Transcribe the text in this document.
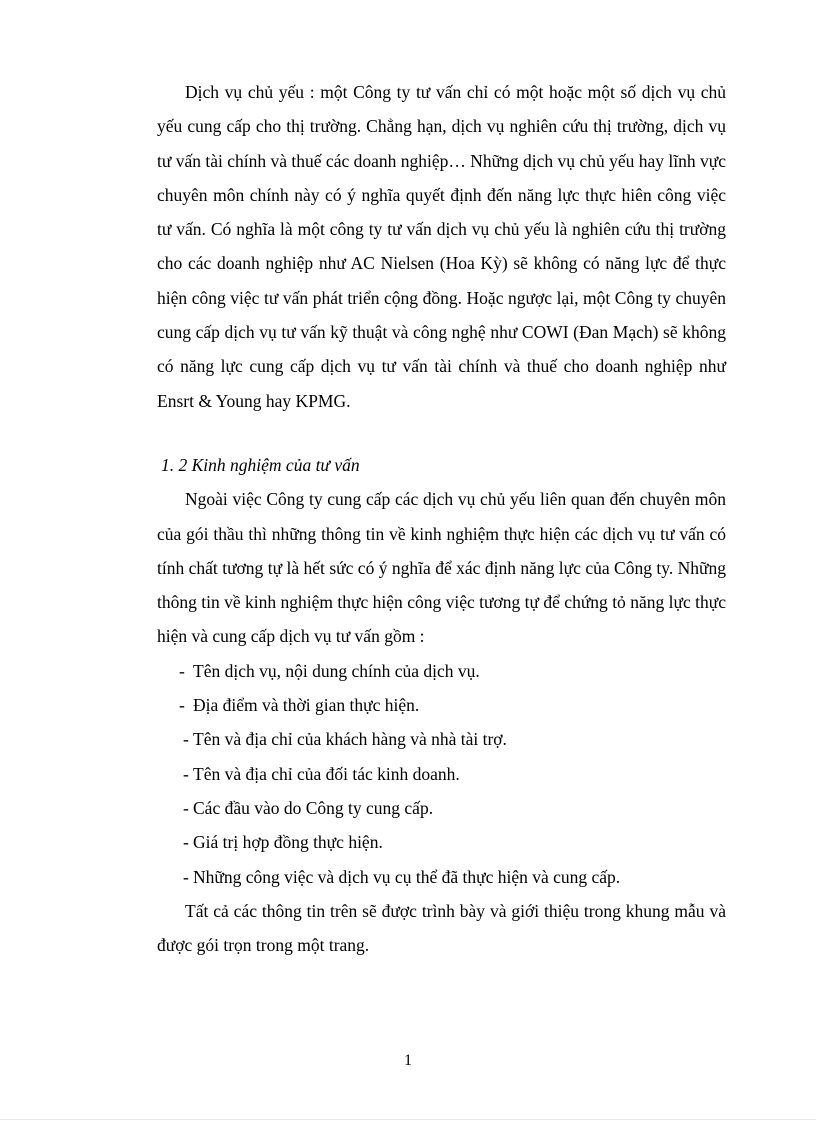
Dịch vụ chủ yếu : một Công ty tư vấn chỉ có một hoặc một số dịch vụ chủ yếu cung cấp cho thị trường. Chẳng hạn, dịch vụ nghiên cứu thị trường, dịch vụ tư vấn tài chính và thuế các doanh nghiệp… Những dịch vụ chủ yếu hay lĩnh vực chuyên môn chính này có ý nghĩa quyết định đến năng lực thực hiên công việc tư vấn. Có nghĩa là một công ty tư vấn dịch vụ chủ yếu là nghiên cứu thị trường cho các doanh nghiệp như AC Nielsen (Hoa Kỳ) sẽ không có năng lực để thực hiện công việc tư vấn phát triển cộng đồng. Hoặc ngược lại, một Công ty chuyên cung cấp dịch vụ tư vấn kỹ thuật và công nghệ như COWI (Đan Mạch) sẽ không có năng lực cung cấp dịch vụ tư vấn tài chính và thuế cho doanh nghiệp như Ensrt & Young hay KPMG.

1. 2 Kinh nghiệm của tư vấn

Ngoài việc Công ty cung cấp các dịch vụ chủ yếu liên quan đến chuyên môn của gói thầu thì những thông tin về kinh nghiệm thực hiện các dịch vụ tư vấn có tính chất tương tự là hết sức có ý nghĩa để xác định năng lực của Công ty. Những thông tin về kinh nghiệm thực hiện công việc tương tự để chứng tỏ năng lực thực hiện và cung cấp dịch vụ tư vấn gồm :

- Tên dịch vụ, nội dung chính của dịch vụ.
- Địa điểm và thời gian thực hiện.
- Tên và địa chỉ của khách hàng và nhà tài trợ.
- Tên và địa chỉ của đối tác kinh doanh.
- Các đầu vào do Công ty cung cấp.
- Giá trị hợp đồng thực hiện.
- Những công việc và dịch vụ cụ thể đã thực hiện và cung cấp.

Tất cả các thông tin trên sẽ được trình bày và giới thiệu trong khung mẫu và được gói trọn trong một trang.

1
